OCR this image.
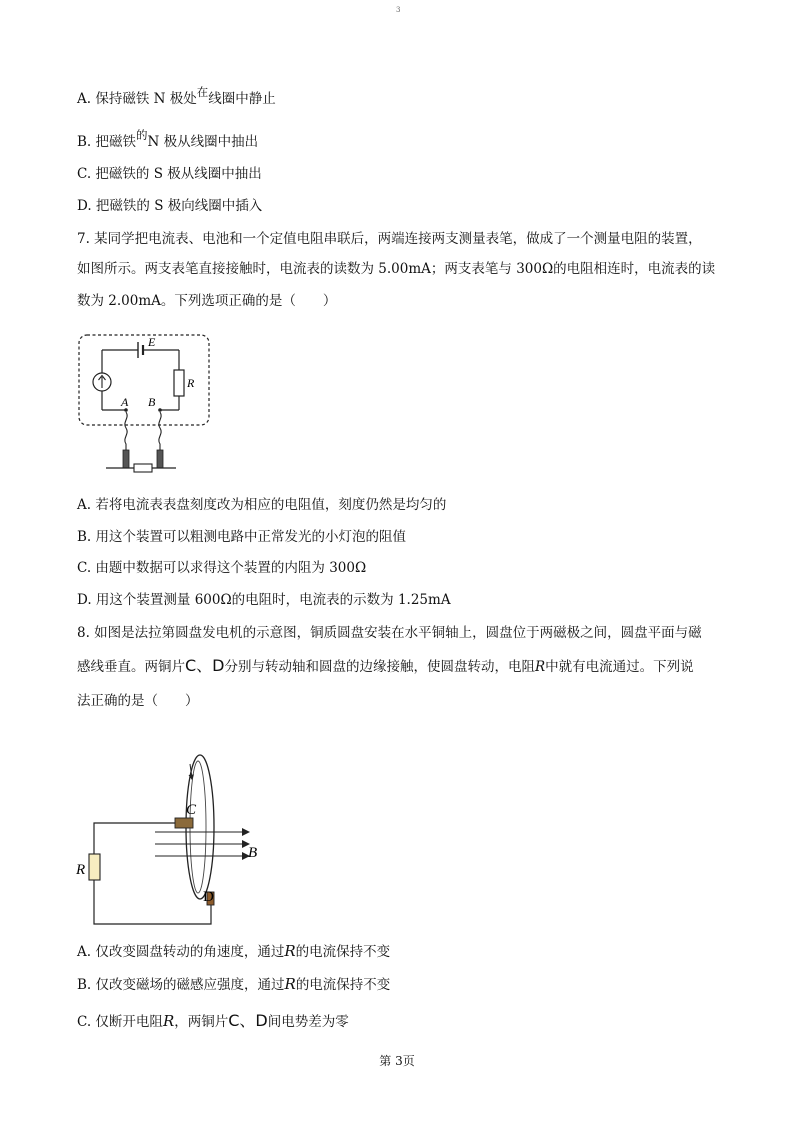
3
A. 保持磁铁 N 极处在线圈中静止
B. 把磁铁的N 极从线圈中抽出
C. 把磁铁的 S 极从线圈中抽出
D. 把磁铁的 S 极向线圈中插入
7. 某同学把电流表、电池和一个定值电阻串联后，两端连接两支测量表笔，做成了一个测量电阻的装置，
如图所示。两支表笔直接接触时，电流表的读数为 5.00mA；两支表笔与 300Ω的电阻相连时，电流表的读
数为 2.00mA。下列选项正确的是（　　）
E
R
A B
A. 若将电流表表盘刻度改为相应的电阻值，刻度仍然是均匀的
B. 用这个装置可以粗测电路中正常发光的小灯泡的阻值
C. 由题中数据可以求得这个装置的内阻为 300Ω
D. 用这个装置测量 600Ω的电阻时，电流表的示数为 1.25mA
8. 如图是法拉第圆盘发电机的示意图，铜质圆盘安装在水平铜轴上，圆盘位于两磁极之间，圆盘平面与磁
感线垂直。两铜片C、D分别与转动轴和圆盘的边缘接触，使圆盘转动，电阻R中就有电流通过。下列说
法正确的是（　　）
R
B
C
D
A. 仅改变圆盘转动的角速度，通过R的电流保持不变
B. 仅改变磁场的磁感应强度，通过R的电流保持不变
C. 仅断开电阻R，两铜片C、D间电势差为零
第 3页
